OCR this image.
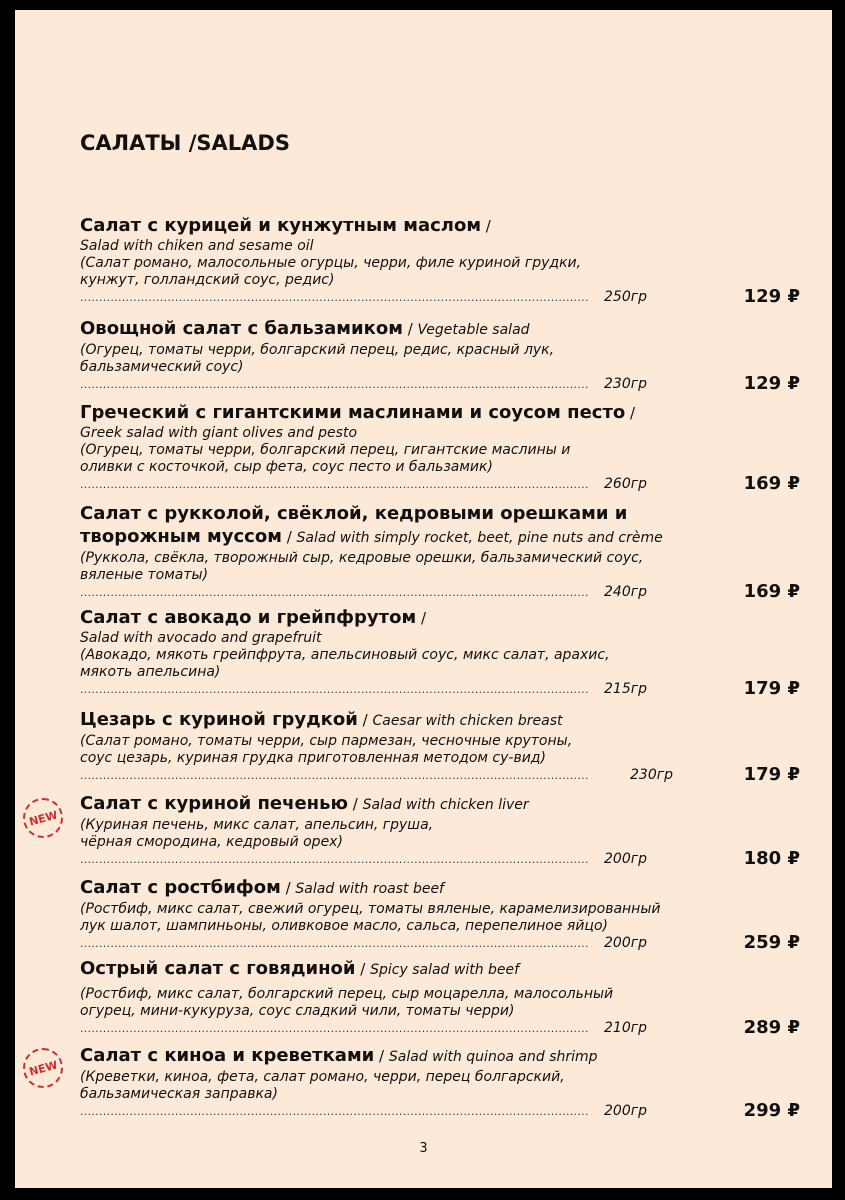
САЛАТЫ /SALADS
Салат с курицей и кунжутным маслом /
Salad with chiken and sesame oil
(Салат романо, малосольные огурцы, черри, филе куриной грудки,
кунжут, голландский соус, редис)
......................................................................................................................................	250гр	129 ₽
Овощной салат с бальзамиком / Vegetable salad
(Огурец, томаты черри, болгарский перец, редис, красный лук,
бальзамический соус)
......................................................................................................................................	230гр	129 ₽
Греческий с гигантскими маслинами и соусом песто /
Greek salad with giant olives and pesto
(Огурец, томаты черри, болгарский перец, гигантские маслины и
оливки с косточкой, сыр фета, соус песто и бальзамик)
......................................................................................................................................	260гр	169 ₽
Салат с рукколой, свёклой, кедровыми орешками и
творожным муссом / Salad with simply rocket, beet, pine nuts and crème
(Руккола, свёкла, творожный сыр, кедровые орешки, бальзамический соус,
вяленые томаты)
......................................................................................................................................	240гр	169 ₽
Салат с авокадо и грейпфрутом /
Salad with avocado and grapefruit
(Авокадо, мякоть грейпфрута, апельсиновый соус, микс салат, арахис,
мякоть апельсина)
......................................................................................................................................	215гр	179 ₽
Цезарь с куриной грудкой / Caesar with chicken breast
(Салат романо, томаты черри, сыр пармезан, чесночные крутоны,
соус цезарь, куриная грудка приготовленная методом су-вид)
......................................................................................................................................	230гр	179 ₽
NEW
Салат с куриной печенью / Salad with chicken liver
(Куриная печень, микс салат, апельсин, груша,
чёрная смородина, кедровый орех)
......................................................................................................................................	200гр	180 ₽
Салат с ростбифом / Salad with roast beef
(Ростбиф, микс салат, свежий огурец, томаты вяленые, карамелизированный
лук шалот, шампиньоны, оливковое масло, сальса, перепелиное яйцо)
......................................................................................................................................	200гр	259 ₽
Острый салат с говядиной / Spicy salad with beef
(Ростбиф, микс салат, болгарский перец, сыр моцарелла, малосольный
огурец, мини-кукуруза, соус сладкий чили, томаты черри)
......................................................................................................................................	210гр	289 ₽
NEW
Салат с киноа и креветками / Salad with quinoa and shrimp
(Креветки, киноа, фета, салат романо, черри, перец болгарский,
бальзамическая заправка)
......................................................................................................................................	200гр	299 ₽
3
